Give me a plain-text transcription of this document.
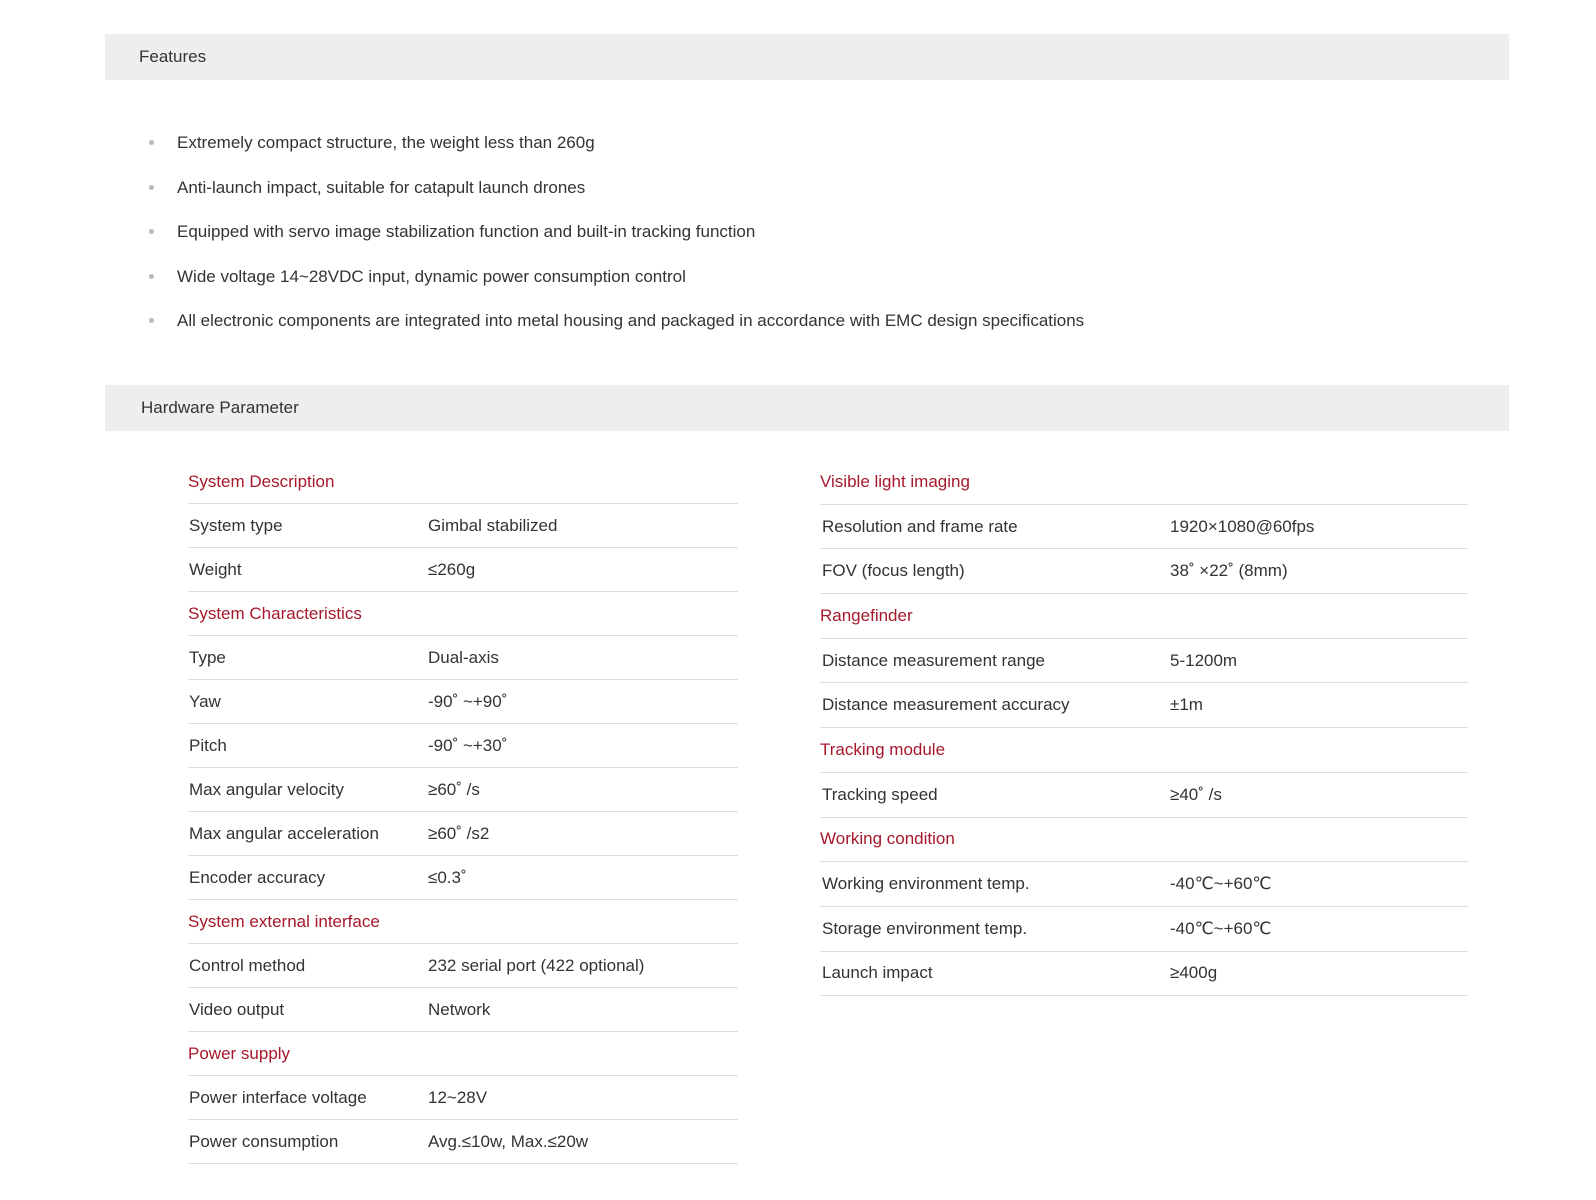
Features
Extremely compact structure, the weight less than 260g
Anti-launch impact, suitable for catapult launch drones
Equipped with servo image stabilization function and built-in tracking function
Wide voltage 14~28VDC input, dynamic power consumption control
All electronic components are integrated into metal housing and packaged in accordance with EMC design specifications
Hardware Parameter
System Description
System type	Gimbal stabilized
Weight	≤260g
System Characteristics
Type	Dual-axis
Yaw	-90˚ ~+90˚
Pitch	-90˚ ~+30˚
Max angular velocity	≥60˚ /s
Max angular acceleration	≥60˚ /s2
Encoder accuracy	≤0.3˚
System external interface
Control method	232 serial port (422 optional)
Video output	Network
Power supply
Power interface voltage	12~28V
Power consumption	Avg.≤10w, Max.≤20w
Visible light imaging
Resolution and frame rate	1920×1080@60fps
FOV (focus length)	38˚ ×22˚ (8mm)
Rangefinder
Distance measurement range	5-1200m
Distance measurement accuracy	±1m
Tracking module
Tracking speed	≥40˚ /s
Working condition
Working environment temp.	-40℃~+60℃
Storage environment temp.	-40℃~+60℃
Launch impact	≥400g
